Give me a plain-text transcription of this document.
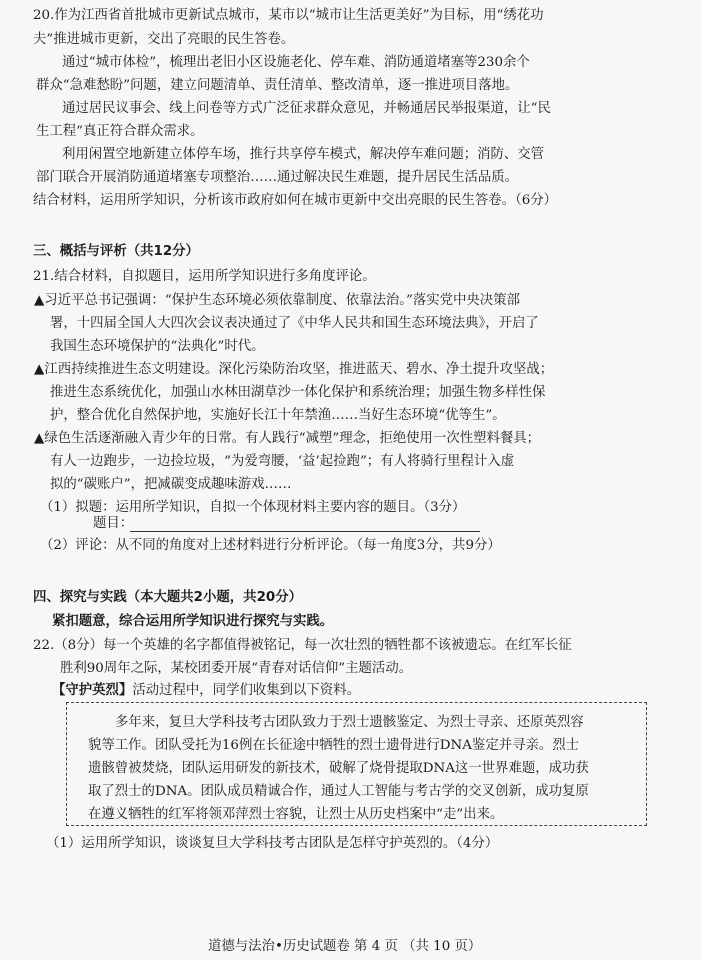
20.作为江西省首批城市更新试点城市，某市以“城市让生活更美好”为目标，用“绣花功
夫”推进城市更新，交出了亮眼的民生答卷。
通过“城市体检”，梳理出老旧小区设施老化、停车难、消防通道堵塞等230余个
群众“急难愁盼”问题，建立问题清单、责任清单、整改清单，逐一推进项目落地。
通过居民议事会、线上问卷等方式广泛征求群众意见，并畅通居民举报渠道，让“民
生工程”真正符合群众需求。
利用闲置空地新建立体停车场，推行共享停车模式，解决停车难问题；消防、交管
部门联合开展消防通道堵塞专项整治……通过解决民生难题，提升居民生活品质。
结合材料，运用所学知识，分析该市政府如何在城市更新中交出亮眼的民生答卷。（6分）
三、概括与评析（共12分）
21.结合材料，自拟题目，运用所学知识进行多角度评论。
▲习近平总书记强调：“保护生态环境必须依靠制度、依靠法治。”落实党中央决策部
署，十四届全国人大四次会议表决通过了《中华人民共和国生态环境法典》，开启了
我国生态环境保护的“法典化”时代。
▲江西持续推进生态文明建设。深化污染防治攻坚，推进蓝天、碧水、净土提升攻坚战；
推进生态系统优化，加强山水林田湖草沙一体化保护和系统治理；加强生物多样性保
护，整合优化自然保护地，实施好长江十年禁渔……当好生态环境“优等生”。
▲绿色生活逐渐融入青少年的日常。有人践行“减塑”理念，拒绝使用一次性塑料餐具；
有人一边跑步，一边捡垃圾，“为爱弯腰，‘益’起捡跑”；有人将骑行里程计入虚
拟的“碳账户”，把减碳变成趣味游戏……
（1）拟题：运用所学知识，自拟一个体现材料主要内容的题目。（3分）
题目：
（2）评论：从不同的角度对上述材料进行分析评论。（每一角度3分，共9分）
四、探究与实践（本大题共2小题，共20分）
紧扣题意，综合运用所学知识进行探究与实践。
22.（8分）每一个英雄的名字都值得被铭记，每一次壮烈的牺牲都不该被遗忘。在红军长征
胜利90周年之际，某校团委开展“青春对话信仰”主题活动。
【守护英烈】活动过程中，同学们收集到以下资料。
多年来，复旦大学科技考古团队致力于烈士遗骸鉴定、为烈士寻亲、还原英烈容
貌等工作。团队受托为16例在长征途中牺牲的烈士遗骨进行DNA鉴定并寻亲。烈士
遗骸曾被焚烧，团队运用研发的新技术，破解了烧骨提取DNA这一世界难题，成功获
取了烈士的DNA。团队成员精诚合作，通过人工智能与考古学的交叉创新，成功复原
在遵义牺牲的红军将领邓萍烈士容貌，让烈士从历史档案中“走”出来。
（1）运用所学知识，谈谈复旦大学科技考古团队是怎样守护英烈的。（4分）
道德与法治•历史试题卷 第 4 页 （共 10 页）
